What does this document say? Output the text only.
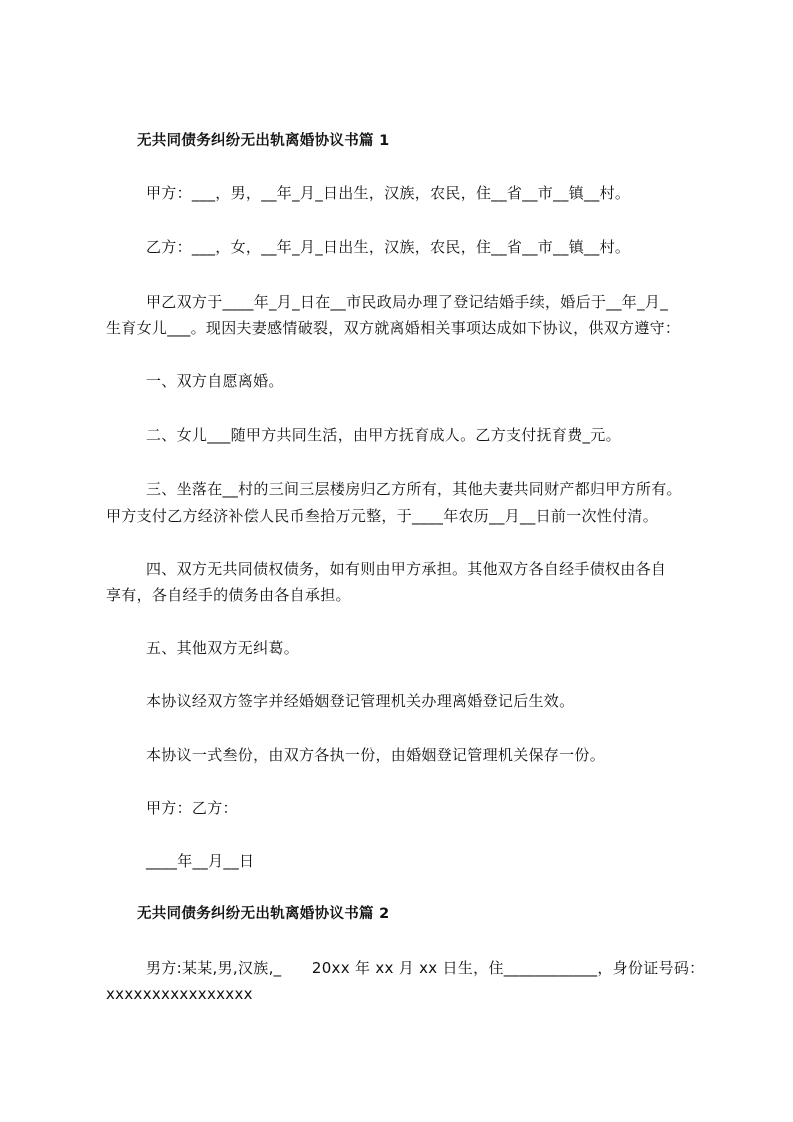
无共同债务纠纷无出轨离婚协议书篇 1
甲方：___，男，__年_月_日出生，汉族，农民，住__省__市__镇__村。
乙方：___，女，__年_月_日出生，汉族，农民，住__省__市__镇__村。
甲乙双方于____年_月_日在__市民政局办理了登记结婚手续，婚后于__年_月_
生育女儿___。现因夫妻感情破裂，双方就离婚相关事项达成如下协议，供双方遵守：
一、双方自愿离婚。
二、女儿___随甲方共同生活，由甲方抚育成人。乙方支付抚育费_元。
三、坐落在__村的三间三层楼房归乙方所有，其他夫妻共同财产都归甲方所有。
甲方支付乙方经济补偿人民币叁拾万元整，于____年农历__月__日前一次性付清。
四、双方无共同债权债务，如有则由甲方承担。其他双方各自经手债权由各自
享有，各自经手的债务由各自承担。
五、其他双方无纠葛。
本协议经双方签字并经婚姻登记管理机关办理离婚登记后生效。
本协议一式叁份，由双方各执一份，由婚姻登记管理机关保存一份。
甲方：乙方：
____年__月__日
无共同债务纠纷无出轨离婚协议书篇 2
男方:某某,男,汉族,_      20xx 年 xx 月 xx 日生，住____________，身份证号码：
xxxxxxxxxxxxxxxx
